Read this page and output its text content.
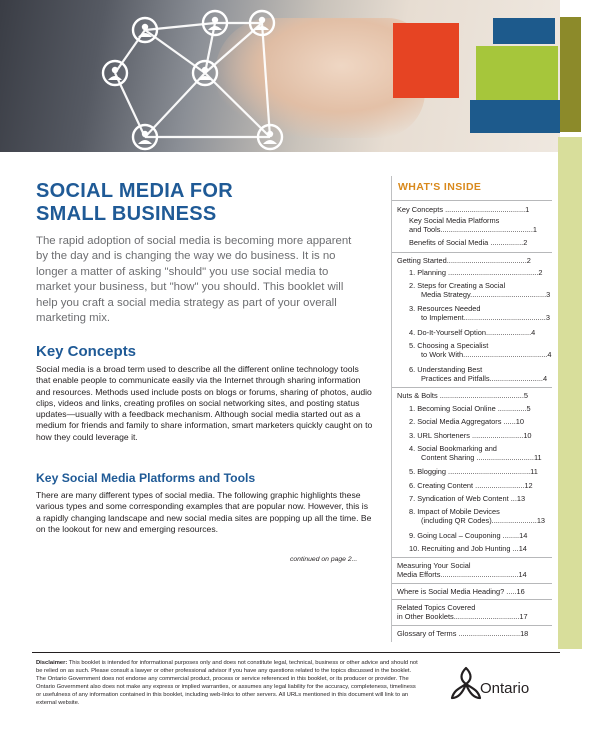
SOCIAL MEDIA FOR
SMALL BUSINESS

The rapid adoption of social media is becoming more apparent by the day and is changing the way we do business. It is no longer a matter of asking "should" you use social media to market your business, but "how" you should. This booklet will help you craft a social media strategy as part of your overall marketing mix.

Key Concepts

Social media is a broad term used to describe all the different online technology tools that enable people to communicate easily via the Internet through sharing information and resources. Methods used include posts on blogs or forums, sharing of photos, audio clips, videos and links, creating profiles on social networking sites, and posting status updates—usually with a feedback mechanism. Although social media started out as a medium for friends and family to share information, smart marketers quickly caught on to how they could leverage it.

Key Social Media Platforms and Tools

There are many different types of social media. The following graphic highlights these various types and some corresponding examples that are popular now. However, this is a rapidly changing landscape and new social media sites are popping up all the time. Be on the lookout for new and emerging resources.

continued on page 2...
WHAT'S INSIDE
Key Concepts .......................................1
Key Social Media Platforms
and Tools.............................................1
Benefits of Social Media ................2
Getting Started.......................................2
1. Planning ............................................2
2. Steps for Creating a Social
Media Strategy.....................................3
3. Resources Needed
to Implement........................................3
4. Do-It-Yourself Option......................4
5. Choosing a Specialist
to Work With.........................................4
6. Understanding Best
Practices and Pitfalls..........................4
Nuts & Bolts .........................................5
1. Becoming Social Online ..............5
2. Social Media Aggregators ......10
3. URL Shorteners .........................10
4. Social Bookmarking and
Content Sharing ............................11
5. Blogging ........................................11
6. Creating Content ........................12
7. Syndication of Web Content ...13
8. Impact of Mobile Devices
(including QR Codes)......................13
9. Going Local – Couponing ........14
10. Recruiting and Job Hunting ...14
Measuring Your Social
Media Efforts......................................14
Where is Social Media Heading? .....16
Related Topics Covered
in Other Booklets................................17
Glossary of Terms ..............................18

Disclaimer: This booklet is intended for informational purposes only and does not constitute legal, technical, business or other advice and should not be relied on as such. Please consult a lawyer or other professional advisor if you have any questions related to the topics discussed in the booklet. The Ontario Government does not endorse any commercial product, process or service referenced in this booklet, or its producer or provider. The Ontario Government also does not make any express or implied warranties, or assumes any legal liability for the accuracy, completeness, timeliness or usefulness of any information contained in this booklet, including web-links to other servers. All URLs mentioned in this document will link to an external website.

Ontario
